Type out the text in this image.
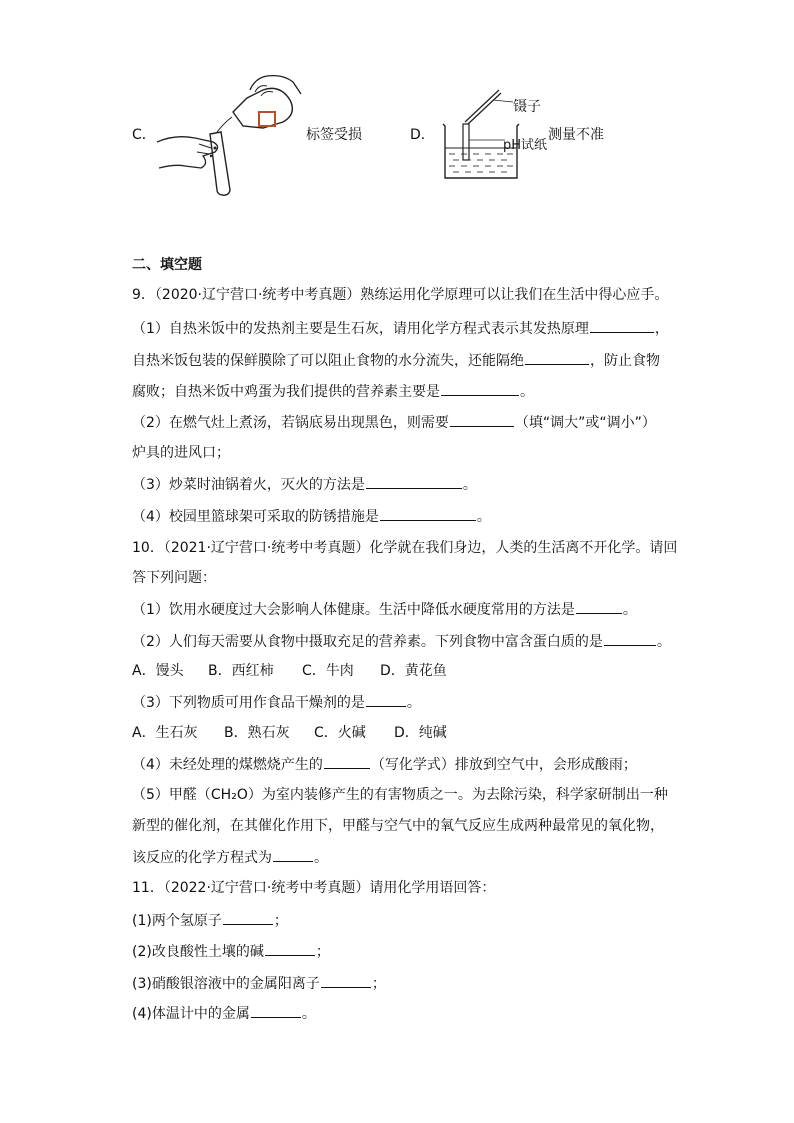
C．	标签受损	D．
镊子
pH试纸
测量不准
二、填空题
9．（2020·辽宁营口·统考中考真题）熟练运用化学原理可以让我们在生活中得心应手。
（1）自热米饭中的发热剂主要是生石灰，请用化学方程式表示其发热原理	，
自热米饭包装的保鲜膜除了可以阻止食物的水分流失，还能隔绝	，防止食物
腐败；自热米饭中鸡蛋为我们提供的营养素主要是	。
（2）在燃气灶上煮汤，若锅底易出现黑色，则需要	（填“调大”或“调小”）
炉具的进风口；
（3）炒菜时油锅着火，灭火的方法是	。
（4）校园里篮球架可采取的防锈措施是	。
10．（2021·辽宁营口·统考中考真题）化学就在我们身边，人类的生活离不开化学。请回
答下列问题：
（1）饮用水硬度过大会影响人体健康。生活中降低水硬度常用的方法是	。
（2）人们每天需要从食物中摄取充足的营养素。下列食物中富含蛋白质的是	。
A．馒头 B．西红柿 C．牛肉 D．黄花鱼
（3）下列物质可用作食品干燥剂的是	。
A．生石灰 B．熟石灰 C．火碱 D．纯碱
（4）未经处理的煤燃烧产生的	（写化学式）排放到空气中，会形成酸雨；
（5）甲醛（CH₂O）为室内装修产生的有害物质之一。为去除污染，科学家研制出一种
新型的催化剂，在其催化作用下，甲醛与空气中的氧气反应生成两种最常见的氧化物，
该反应的化学方程式为	。
11．（2022·辽宁营口·统考中考真题）请用化学用语回答：
(1)两个氢原子	；
(2)改良酸性土壤的碱	；
(3)硝酸银溶液中的金属阳离子	；
(4)体温计中的金属	。
